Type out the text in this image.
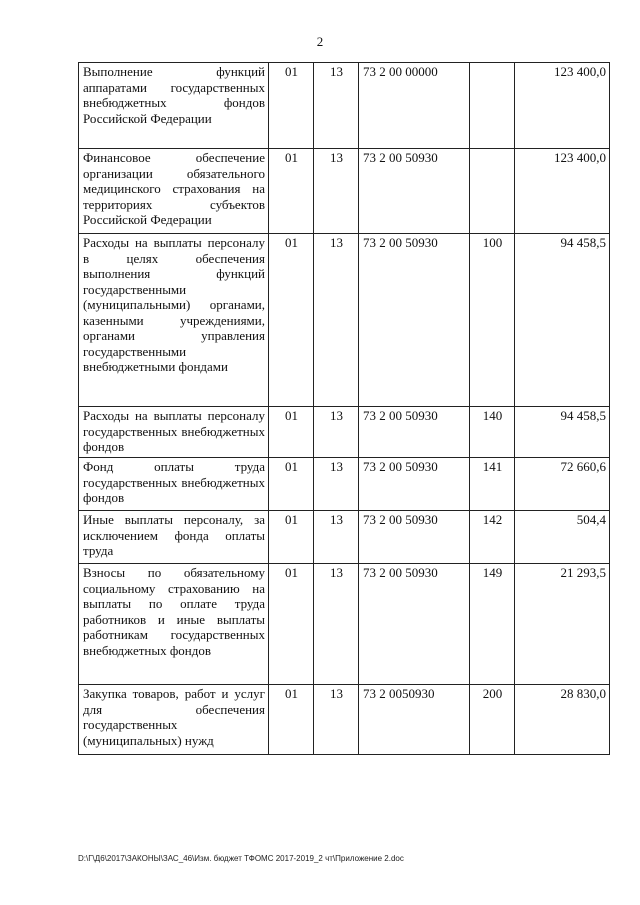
2
Выполнение функций аппаратами государственных внебюджетных фондов Российской Федерации	01	13	73 2 00 00000		123 400,0
Финансовое обеспечение организации обязательного медицинского страхования на территориях субъектов Российской Федерации	01	13	73 2 00 50930		123 400,0
Расходы на выплаты персоналу в целях обеспечения выполнения функций государственными (муниципальными) органами, казенными учреждениями, органами управления государственными внебюджетными фондами	01	13	73 2 00 50930	100	94 458,5
Расходы на выплаты персоналу государственных внебюджетных фондов	01	13	73 2 00 50930	140	94 458,5
Фонд оплаты труда государственных внебюджетных фондов	01	13	73 2 00 50930	141	72 660,6
Иные выплаты персоналу, за исключением фонда оплаты труда	01	13	73 2 00 50930	142	504,4
Взносы по обязательному социальному страхованию на выплаты по оплате труда работников и иные выплаты работникам государственных внебюджетных фондов	01	13	73 2 00 50930	149	21 293,5
Закупка товаров, работ и услуг для обеспечения государственных (муниципальных) нужд	01	13	73 2 0050930	200	28 830,0
D:\Г\Д6\2017\ЗАКОНЫ\ЗАС_46\Изм. бюджет ТФОМС 2017-2019_2 чт\Приложение 2.doc
